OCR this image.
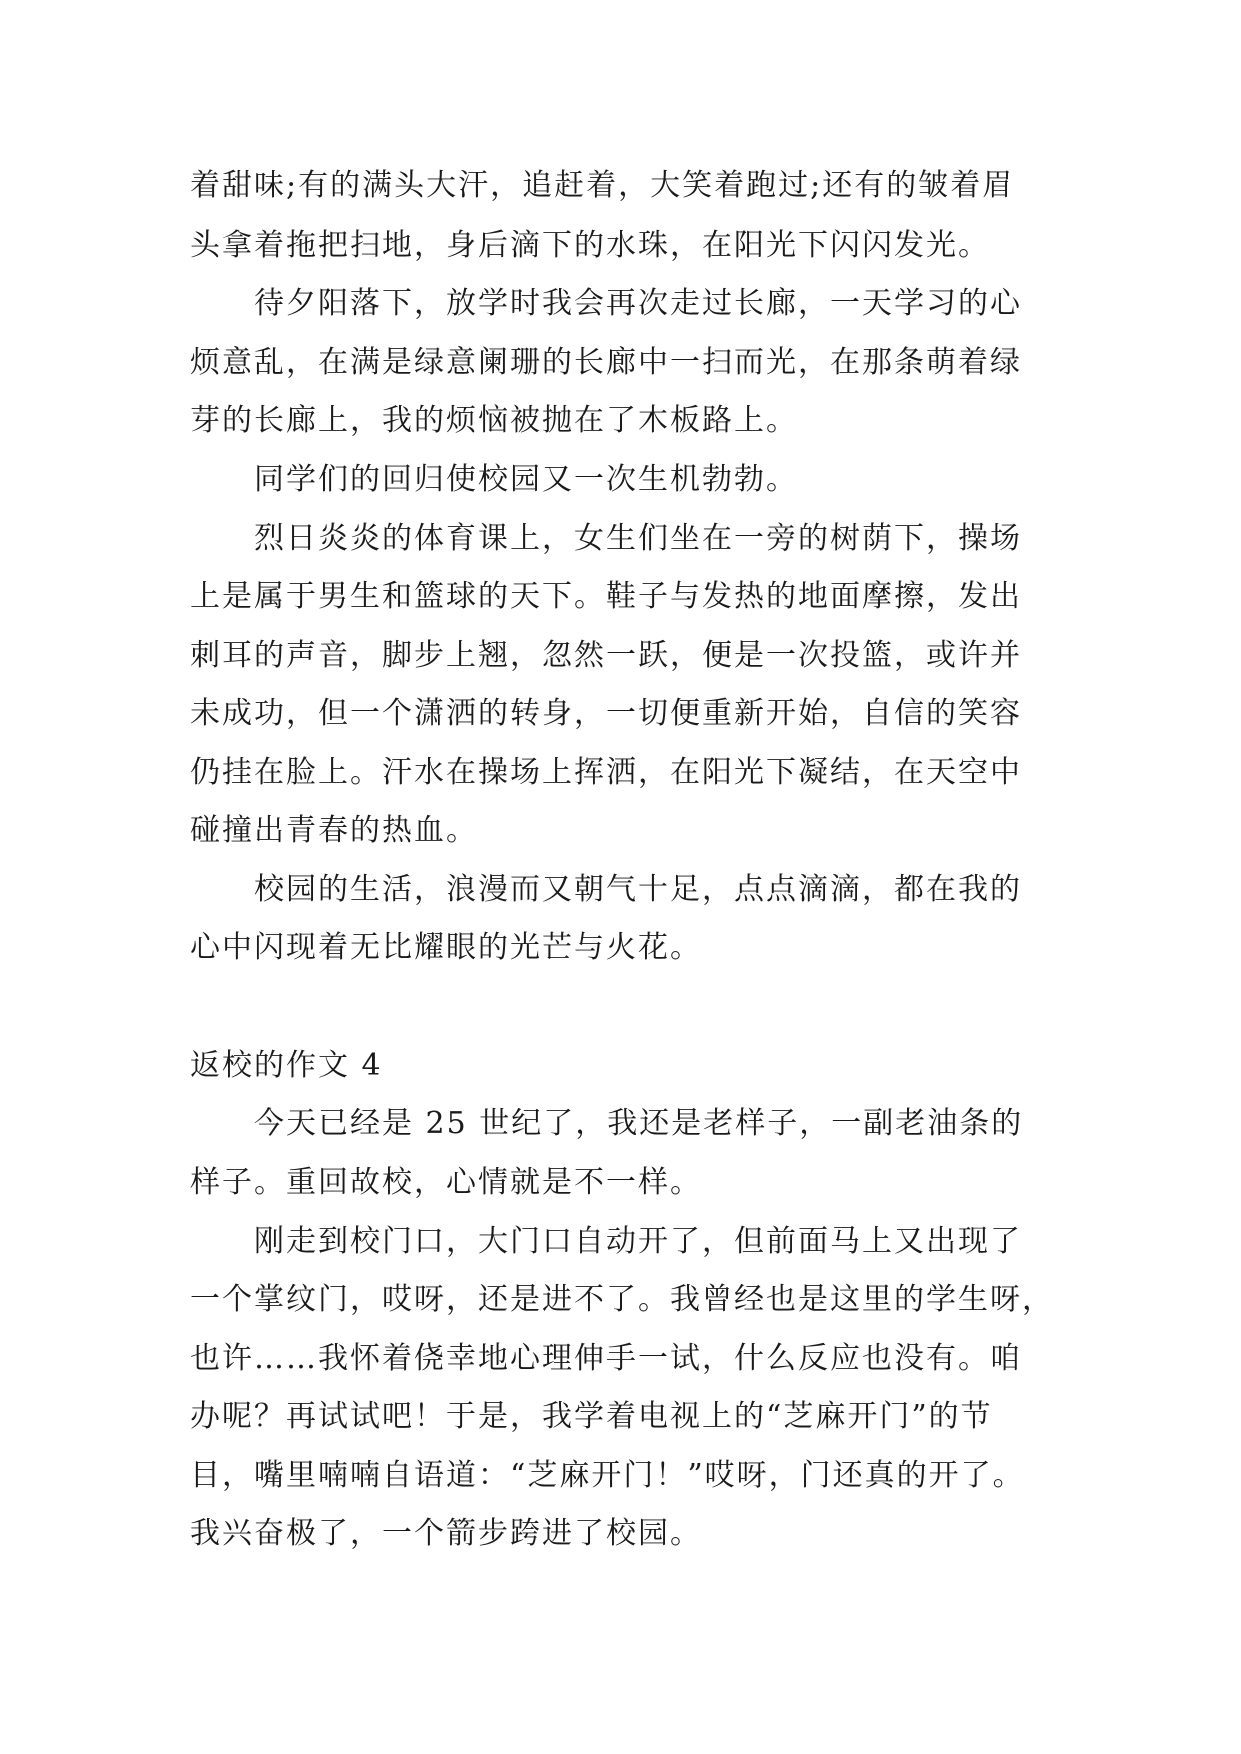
着甜味;有的满头大汗，追赶着，大笑着跑过;还有的皱着眉
头拿着拖把扫地，身后滴下的水珠，在阳光下闪闪发光。
待夕阳落下，放学时我会再次走过长廊，一天学习的心
烦意乱，在满是绿意阑珊的长廊中一扫而光，在那条萌着绿
芽的长廊上，我的烦恼被抛在了木板路上。
同学们的回归使校园又一次生机勃勃。
烈日炎炎的体育课上，女生们坐在一旁的树荫下，操场
上是属于男生和篮球的天下。鞋子与发热的地面摩擦，发出
刺耳的声音，脚步上翘，忽然一跃，便是一次投篮，或许并
未成功，但一个潇洒的转身，一切便重新开始，自信的笑容
仍挂在脸上。汗水在操场上挥洒，在阳光下凝结，在天空中
碰撞出青春的热血。
校园的生活，浪漫而又朝气十足，点点滴滴，都在我的
心中闪现着无比耀眼的光芒与火花。
返校的作文 4
今天已经是 25 世纪了，我还是老样子，一副老油条的
样子。重回故校，心情就是不一样。
刚走到校门口，大门口自动开了，但前面马上又出现了
一个掌纹门，哎呀，还是进不了。我曾经也是这里的学生呀，
也许……我怀着侥幸地心理伸手一试，什么反应也没有。咱
办呢？再试试吧！于是，我学着电视上的“芝麻开门”的节
目，嘴里喃喃自语道：“芝麻开门！”哎呀，门还真的开了。
我兴奋极了，一个箭步跨进了校园。
